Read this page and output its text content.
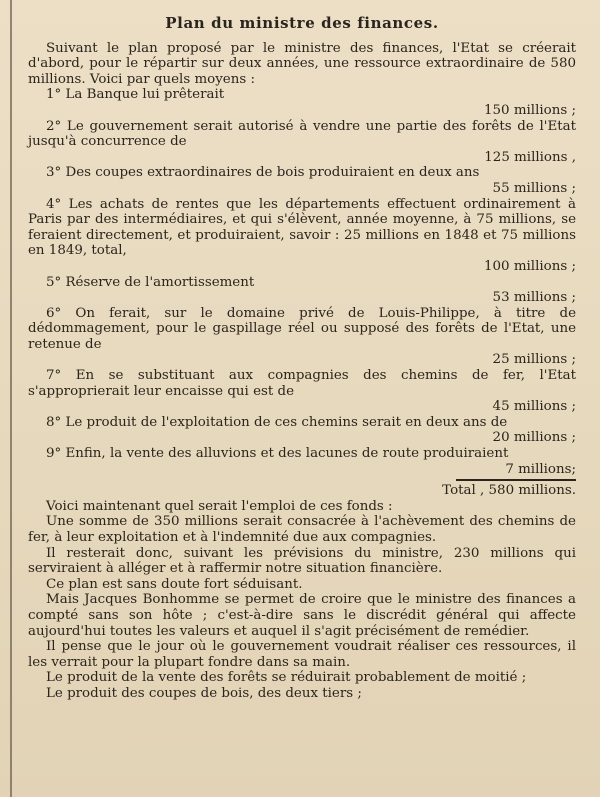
Plan du ministre des finances.

Suivant le plan proposé par le ministre des finances, l'Etat se créerait d'abord, pour le répartir sur deux années, une ressource extraordinaire de 580 millions. Voici par quels moyens :

1° La Banque lui prêterait

150 millions ;

2° Le gouvernement serait autorisé à vendre une partie des forêts de l'Etat jusqu'à concurrence de

125 millions ,

3° Des coupes extraordinaires de bois produiraient en deux ans

55 millions ;

4° Les achats de rentes que les départements effectuent ordinairement à Paris par des intermédiaires, et qui s'élèvent, année moyenne, à 75 millions, se feraient directement, et produiraient, savoir : 25 millions en 1848 et 75 millions en 1849, total,

100 millions ;

5° Réserve de l'amortissement

53 millions ;

6° On ferait, sur le domaine privé de Louis-Philippe, à titre de dédommagement, pour le gaspillage réel ou supposé des forêts de l'Etat, une retenue de

25 millions ;

7° En se substituant aux compagnies des chemins de fer, l'Etat s'approprierait leur encaisse qui est de

45 millions ;

8° Le produit de l'exploitation de ces chemins serait en deux ans de

20 millions ;

9° Enfin, la vente des alluvions et des lacunes de route produiraient

7 millions;

Total , 580 millions.

Voici maintenant quel serait l'emploi de ces fonds :

Une somme de 350 millions serait consacrée à l'achèvement des chemins de fer, à leur exploitation et à l'indemnité due aux compagnies.

Il resterait donc, suivant les prévisions du ministre, 230 millions qui serviraient à alléger et à raffermir notre situation financière.

Ce plan est sans doute fort séduisant.

Mais Jacques Bonhomme se permet de croire que le ministre des finances a compté sans son hôte ; c'est-à-dire sans le discrédit général qui affecte aujourd'hui toutes les valeurs et auquel il s'agit précisément de remédier.

Il pense que le jour où le gouvernement voudrait réaliser ces ressources, il les verrait pour la plupart fondre dans sa main.

Le produit de la vente des forêts se réduirait probablement de moitié ;

Le produit des coupes de bois, des deux tiers ;
